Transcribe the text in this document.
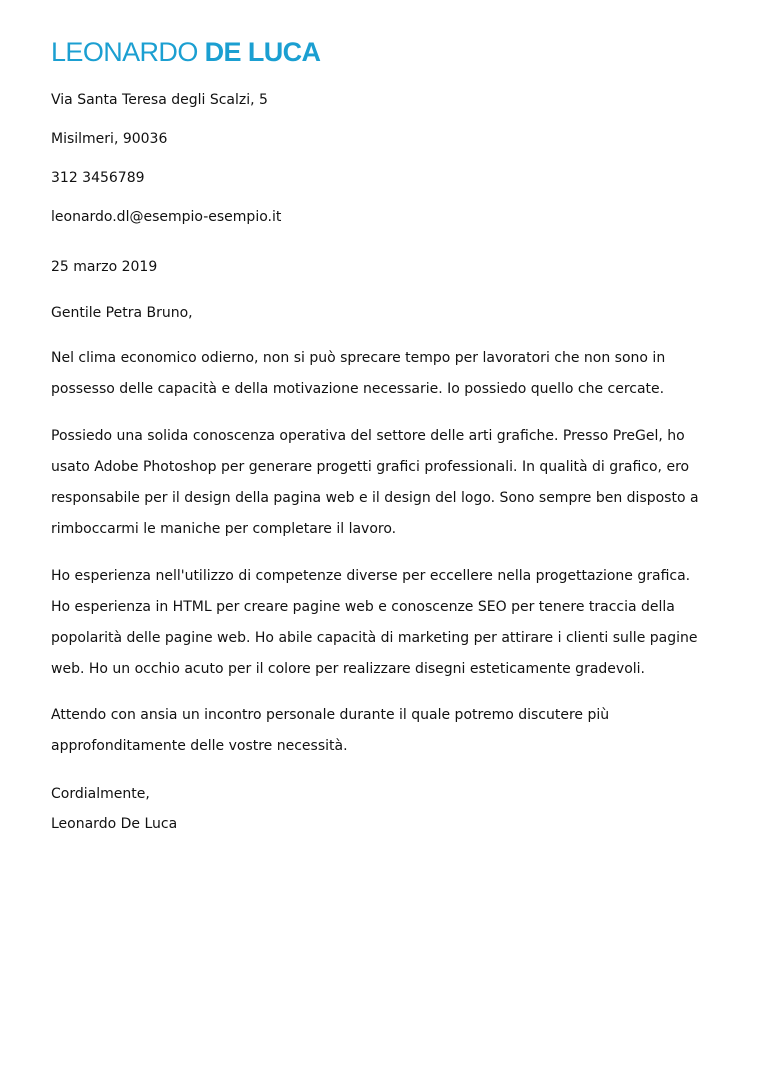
LEONARDO DE LUCA
Via Santa Teresa degli Scalzi, 5
Misilmeri, 90036
312 3456789
leonardo.dl@esempio-esempio.it
25 marzo 2019
Gentile Petra Bruno,
Nel clima economico odierno, non si può sprecare tempo per lavoratori che non sono in
possesso delle capacità e della motivazione necessarie. Io possiedo quello che cercate.
Possiedo una solida conoscenza operativa del settore delle arti grafiche. Presso PreGel, ho
usato Adobe Photoshop per generare progetti grafici professionali. In qualità di grafico, ero
responsabile per il design della pagina web e il design del logo. Sono sempre ben disposto a
rimboccarmi le maniche per completare il lavoro.
Ho esperienza nell'utilizzo di competenze diverse per eccellere nella progettazione grafica.
Ho esperienza in HTML per creare pagine web e conoscenze SEO per tenere traccia della
popolarità delle pagine web. Ho abile capacità di marketing per attirare i clienti sulle pagine
web. Ho un occhio acuto per il colore per realizzare disegni esteticamente gradevoli.
Attendo con ansia un incontro personale durante il quale potremo discutere più
approfonditamente delle vostre necessità.
Cordialmente,
Leonardo De Luca
